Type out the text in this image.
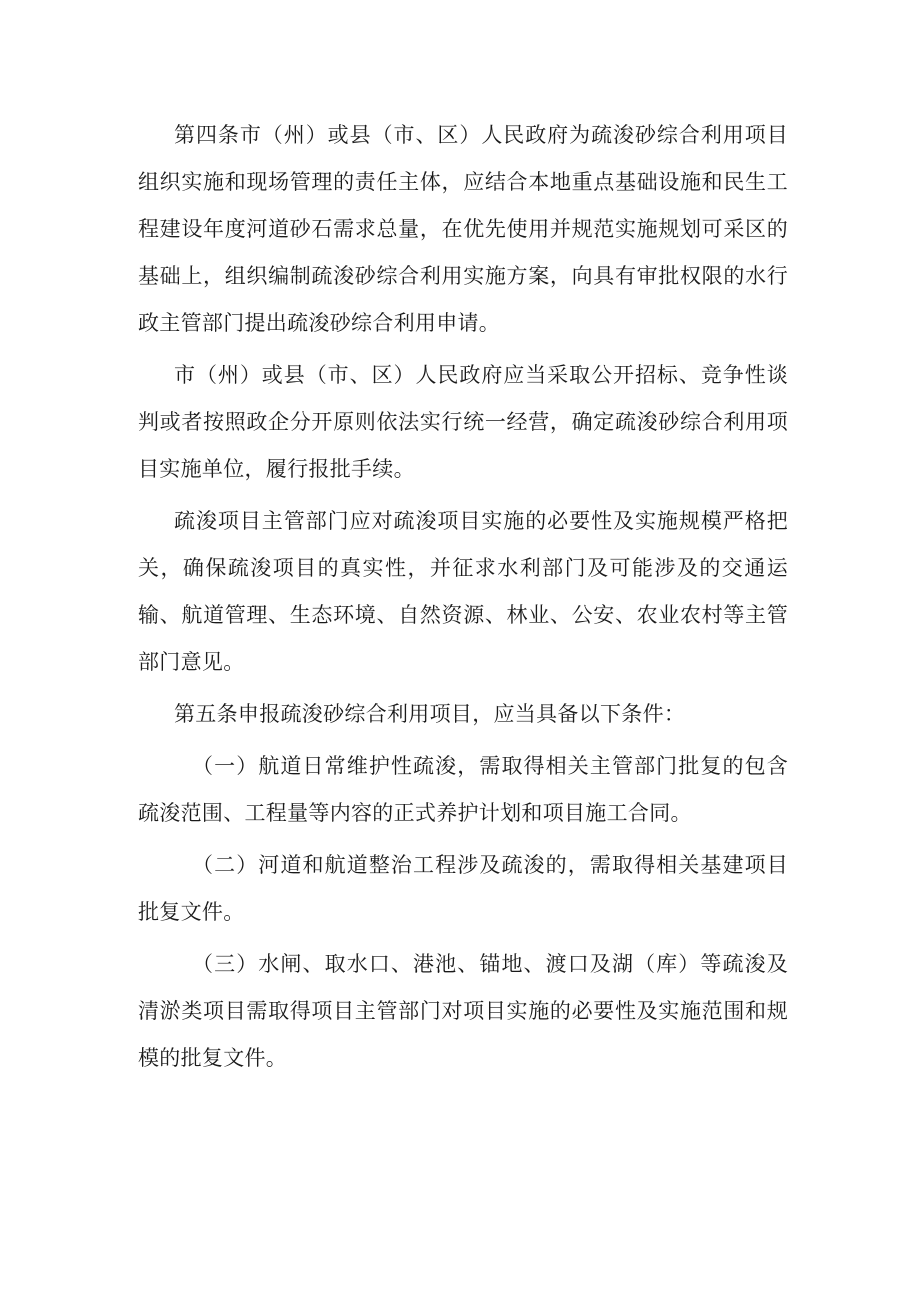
第四条市（州）或县（市、区）人民政府为疏浚砂综合利用项目组织实施和现场管理的责任主体，应结合本地重点基础设施和民生工程建设年度河道砂石需求总量，在优先使用并规范实施规划可采区的基础上，组织编制疏浚砂综合利用实施方案，向具有审批权限的水行政主管部门提出疏浚砂综合利用申请。

市（州）或县（市、区）人民政府应当采取公开招标、竞争性谈判或者按照政企分开原则依法实行统一经营，确定疏浚砂综合利用项目实施单位，履行报批手续。

疏浚项目主管部门应对疏浚项目实施的必要性及实施规模严格把关，确保疏浚项目的真实性，并征求水利部门及可能涉及的交通运输、航道管理、生态环境、自然资源、林业、公安、农业农村等主管部门意见。

第五条申报疏浚砂综合利用项目，应当具备以下条件：

（一）航道日常维护性疏浚，需取得相关主管部门批复的包含疏浚范围、工程量等内容的正式养护计划和项目施工合同。

（二）河道和航道整治工程涉及疏浚的，需取得相关基建项目批复文件。

（三）水闸、取水口、港池、锚地、渡口及湖（库）等疏浚及清淤类项目需取得项目主管部门对项目实施的必要性及实施范围和规模的批复文件。
